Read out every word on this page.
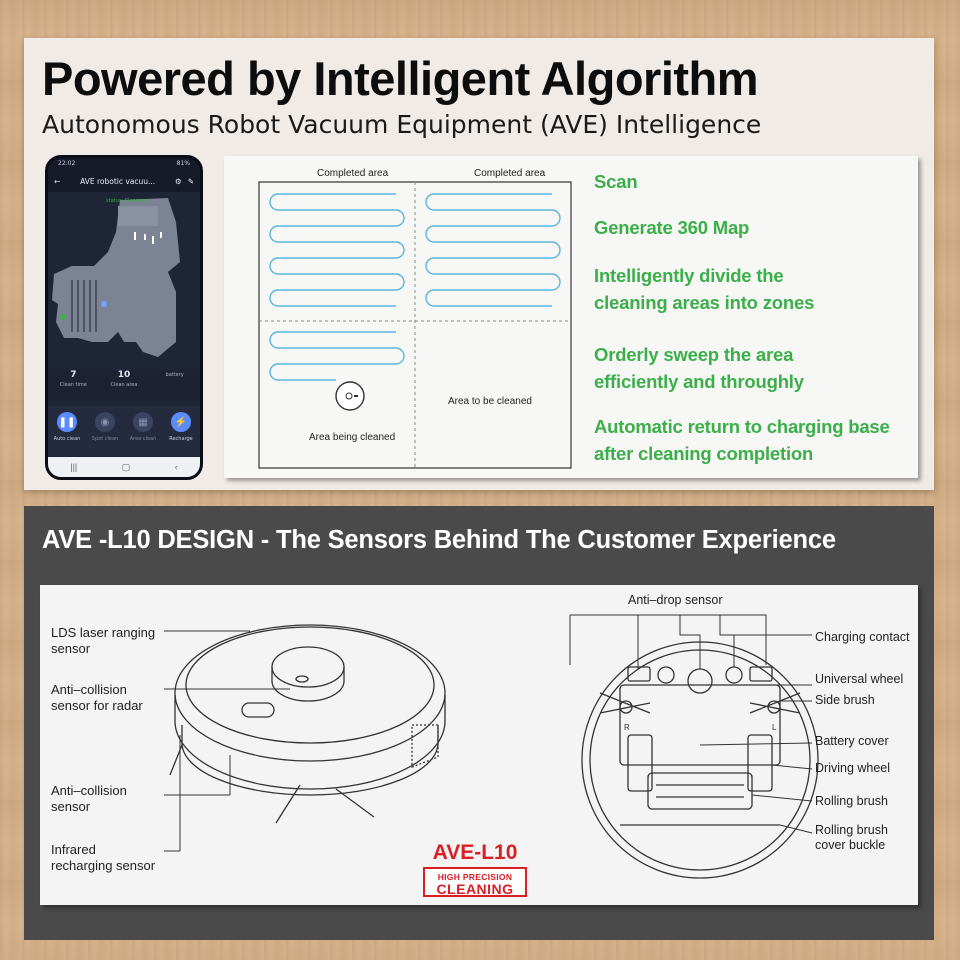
Powered by Intelligent Algorithm
Autonomous Robot Vacuum Equipment (AVE) Intelligence
22:02	81%
←	AVE robotic vacuu...	⚙ ✎
status: Cleaning
7
Clean time
10
Clean area
battery
❚❚
Auto clean
◉
Spot clean
▦
Area clean
⚡
Recharge
|||	▢	‹
Completed area	Completed area
Area being cleaned
Area to be cleaned
Scan
Generate 360 Map
Intelligently divide the
cleaning areas into zones
Orderly sweep the area
efficiently and throughly
Automatic return to charging base
after cleaning completion
AVE -L10 DESIGN - The Sensors Behind The Customer Experience
R	L
LDS laser ranging
sensor
Anti–collision
sensor for radar
Anti–collision
sensor
Infrared
recharging sensor
Anti–drop sensor
Charging contact
Universal wheel
Side brush
Battery cover
Driving wheel
Rolling brush
Rolling brush
cover buckle
AVE-L10
HIGH PRECISION
CLEANING
